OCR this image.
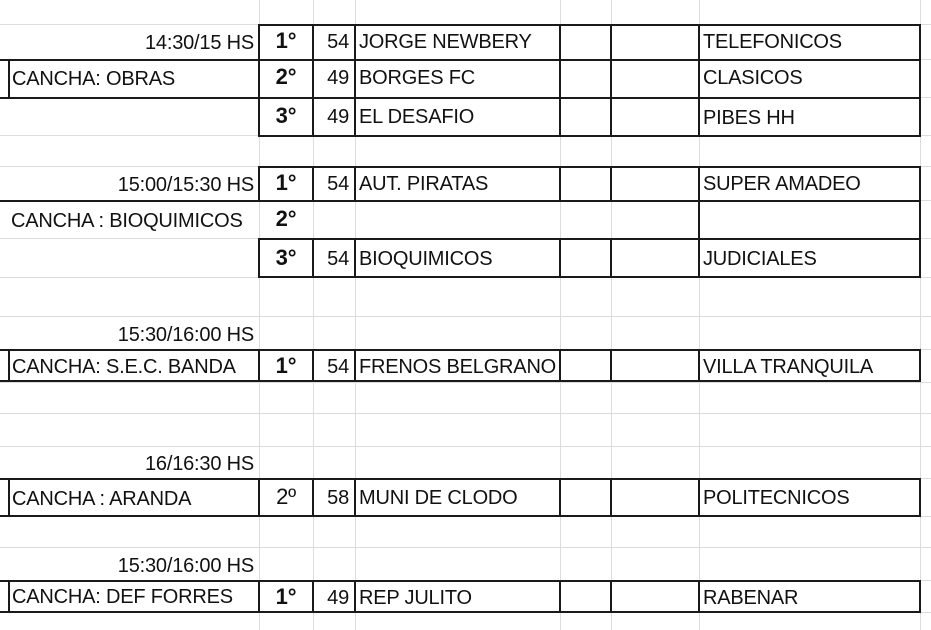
14:30/15 HS
CANCHA: OBRAS
1°	54 JORGE NEWBERY	TELEFONICOS
2°	49 BORGES FC	CLASICOS
3°	49 EL DESAFIO	PIBES HH
15:00/15:30 HS
CANCHA : BIOQUIMICOS
1°	54 AUT. PIRATAS	SUPER AMADEO
2°
3°	54 BIOQUIMICOS	JUDICIALES
15:30/16:00 HS
CANCHA: S.E.C. BANDA	1°	54 FRENOS BELGRANO	VILLA TRANQUILA
16/16:30 HS
CANCHA : ARANDA	2º	58 MUNI DE CLODO	POLITECNICOS
15:30/16:00 HS
CANCHA: DEF FORRES	1°	49 REP JULITO	RABENAR
